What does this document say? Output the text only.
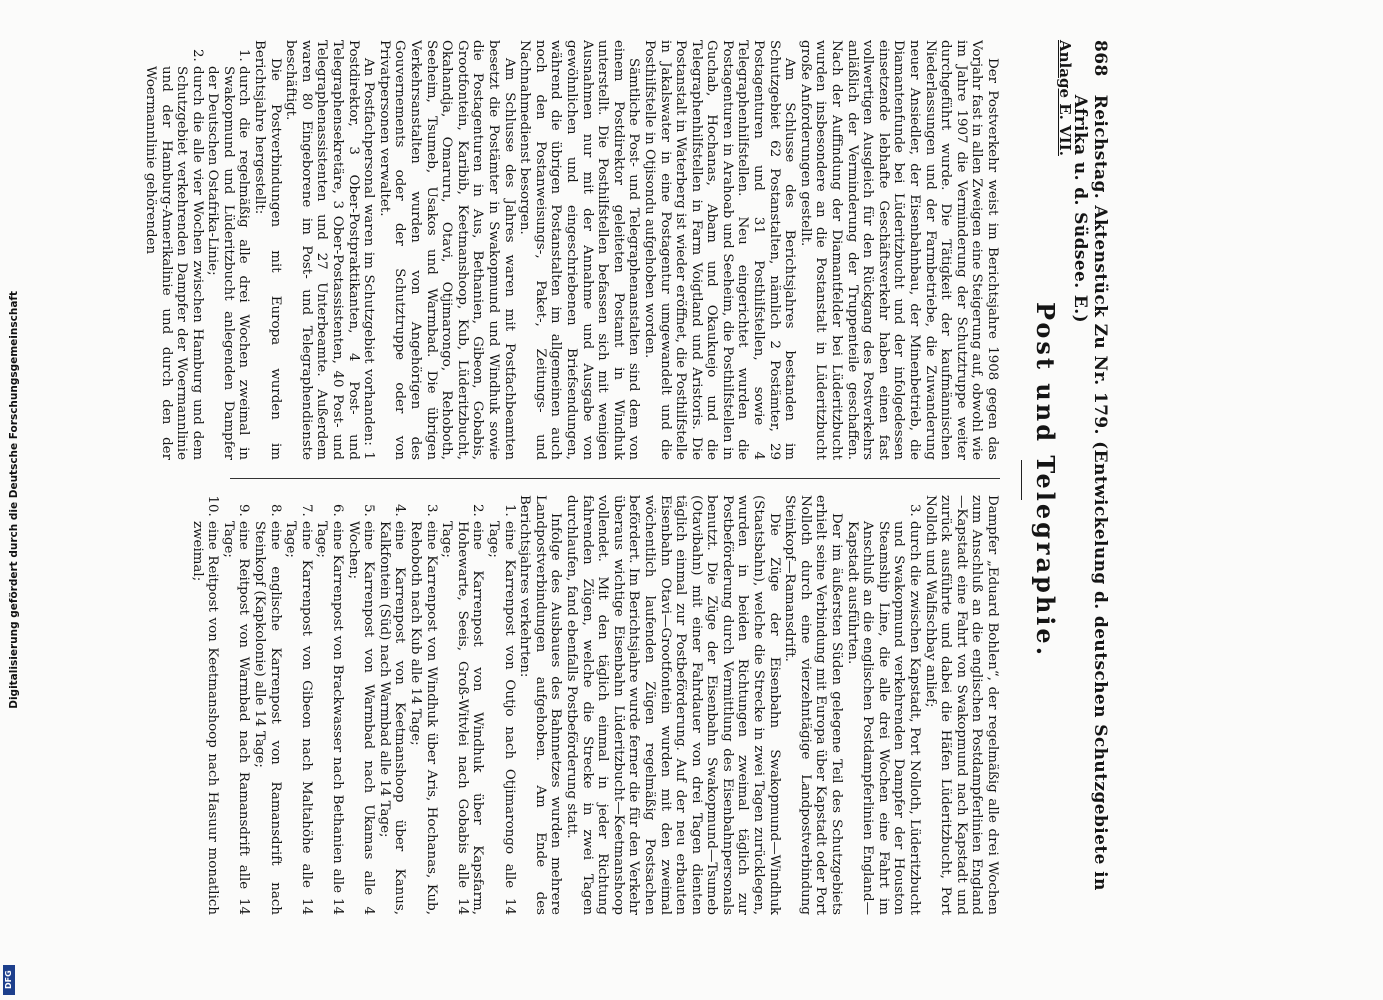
868
Reichstag. Aktenstück Zu Nr. 179. (Entwickelung d. deutschen Schutzgebiete in Afrika u. d. Südsee. E.)
Anlage E. VII.
Post und Telegraphie.

Der Postverkehr weist im Berichtsjahre 1908 gegen das Vorjahr fast in allen Zweigen eine Steigerung auf, obwohl wie im Jahre 1907 die Verminderung der Schutztruppe weiter durchgeführt wurde. Die Tätigkeit der kaufmännischen Niederlassungen und der Farmbetriebe, die Zuwanderung neuer Ansiedler, der Eisenbahnbau, der Minenbetrieb, die Diamantenfunde bei Lüderitzbucht und der infolgedessen einsetzende lebhafte Geschäftsverkehr haben einen fast vollwertigen Ausgleich für den Rückgang des Postverkehrs anläßlich der Verminderung der Truppenteile geschaffen. Nach der Auffindung der Diamantfelder bei Lüderitzbucht wurden insbesondere an die Postanstalt in Lüderitzbucht große Anforderungen gestellt.

Am Schlusse des Berichtsjahres bestanden im Schutzgebiet 62 Postanstalten, nämlich 2 Postämter, 29 Postagenturen und 31 Posthilfstellen, sowie 4 Telegraphenhilfstellen. Neu eingerichtet wurden die Postagenturen in Arahoab und Seeheim, die Posthilfstellen in Guchab, Hochanas, Abam und Okaukuejo und die Telegraphenhilfstellen in Farm Voigtland und Aristoris. Die Postanstalt in Waterberg ist wieder eröffnet, die Posthilfstelle in Jakalswater in eine Postagentur umgewandelt und die Posthilfstelle in Otjisondu aufgehoben worden.

Sämtliche Post- und Telegraphenanstalten sind dem von einem Postdirektor geleiteten Postamt in Windhuk unterstellt. Die Posthilfstellen befassen sich mit wenigen Ausnahmen nur mit der Annahme und Ausgabe von gewöhnlichen und eingeschriebenen Briefsendungen, während die übrigen Postanstalten im allgemeinen auch noch den Postanweisungs-, Paket-, Zeitungs- und Nachnahmedienst besorgen.

Am Schlusse des Jahres waren mit Postfachbeamten besetzt die Postämter in Swakopmund und Windhuk sowie die Postagenturen in Aus, Bethanien, Gibeon, Gobabis, Grootfontein, Karibib, Keetmanshoop, Kub, Lüderitzbucht, Okahandja, Omaruru, Otavi, Otjimarongo, Rehoboth, Seeheim, Tsumeb, Usakos und Warmbad. Die übrigen Verkehrsanstalten wurden von Angehörigen des Gouvernements oder der Schutztruppe oder von Privatpersonen verwaltet.

An Postfachpersonal waren im Schutzgebiet vorhanden: 1 Postdirektor, 3 Ober-Postpraktikanten, 4 Post- und Telegraphensekretäre, 3 Ober-Postassistenten, 40 Post- und Telegraphenassistenten und 27 Unterbeamte. Außerdem waren 80 Eingeborene im Post- und Telegraphendienste beschäftigt.

Die Postverbindungen mit Europa wurden im Berichtsjahre hergestellt:

1. durch die regelmäßig alle drei Wochen zweimal in Swakopmund und Lüderitzbucht anlegenden Dampfer der Deutschen Ostafrika-Linie;
2. durch die alle vier Wochen zwischen Hamburg und dem Schutzgebiet verkehrenden Dampfer der Woermannlinie und der Hamburg-Amerikalinie und durch den der Woermannlinie gehörenden

Dampfer „Eduard Bohlen“, der regelmäßig alle drei Wochen zum Anschluß an die englischen Postdampferlinien England—Kapstadt eine Fahrt von Swakopmund nach Kapstadt und zurück ausführte und dabei die Häfen Lüderitzbucht, Port Nolloth und Walfischbay anlief;

3. durch die zwischen Kapstadt, Port Nolloth, Lüderitzbucht und Swakopmund verkehrenden Dampfer der Houston Steamship Line, die alle drei Wochen eine Fahrt im Anschluß an die englischen Postdampferlinien England—Kapstadt ausführten.

Der im äußersten Süden gelegene Teil des Schutzgebiets erhielt seine Verbindung mit Europa über Kapstadt oder Port Nolloth durch eine vierzehntägige Landpostverbindung Steinkopf—Ramansdrift.

Die Züge der Eisenbahn Swakopmund—Windhuk (Staatsbahn), welche die Strecke in zwei Tagen zurücklegen, wurden in beiden Richtungen zweimal täglich zur Postbeförderung durch Vermittlung des Eisenbahnpersonals benutzt. Die Züge der Eisenbahn Swakopmund—Tsumeb (Otavibahn) mit einer Fahrdauer von drei Tagen dienten täglich einmal zur Postbeförderung. Auf der neu erbauten Eisenbahn Otavi—Grootfontein wurden mit den zweimal wöchentlich laufenden Zügen regelmäßig Postsachen befördert. Im Berichtsjahre wurde ferner die für den Verkehr überaus wichtige Eisenbahn Lüderitzbucht—Keetmanshoop vollendet. Mit den täglich einmal in jeder Richtung fahrenden Zügen, welche die Strecke in zwei Tagen durchlaufen, fand ebenfalls Postbeförderung statt.

Infolge des Ausbaues des Bahnnetzes wurden mehrere Landpostverbindungen aufgehoben. Am Ende des Berichtsjahres verkehrten:

1. eine Karrenpost von Outjo nach Otjimarongo alle 14 Tage;
2. eine Karrenpost von Windhuk über Kapsfarm, Hohewarte, Seeis, Groß-Witvlei nach Gobabis alle 14 Tage;
3. eine Karrenpost von Windhuk über Aris, Hochanas, Kub, Rehoboth nach Kub alle 14 Tage;
4. eine Karrenpost von Keetmanshoop über Kanus, Kalkfontein (Süd) nach Warmbad alle 14 Tage;
5. eine Karrenpost von Warmbad nach Ukamas alle 4 Wochen;
6. eine Karrenpost von Brackwasser nach Bethanien alle 14 Tage;
7. eine Karrenpost von Gibeon nach Maltahöhe alle 14 Tage;
8. eine englische Karrenpost von Ramansdrift nach Steinkopf (Kapkolonie) alle 14 Tage;
9. eine Reitpost von Warmbad nach Ramansdrift alle 14 Tage;
10. eine Reitpost von Keetmanshoop nach Hasuur monatlich zweimal;
Digitalisierung gefördert durch die Deutsche Forschungsgemeinschaft
DFG
